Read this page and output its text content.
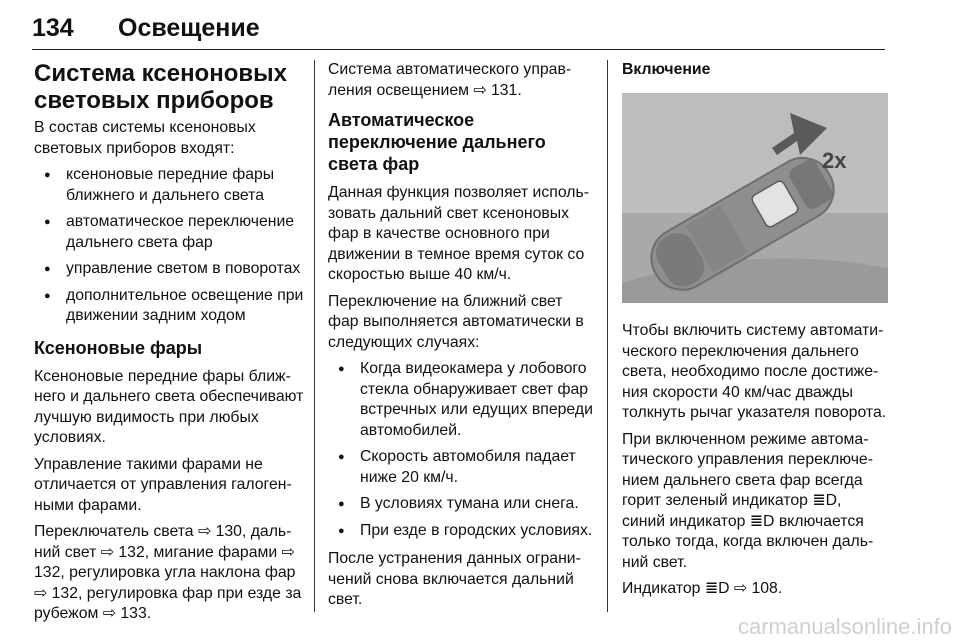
134 Освещение
Система ксеноновых световых приборов

В состав системы ксеноновых световых приборов входят:

● ксеноновые передние фары ближнего и дальнего света
● автоматическое переключение дальнего света фар
● управление светом в поворотах
● дополнительное освещение при движении задним ходом
Ксеноновые фары

Ксеноновые передние фары ближнего и дальнего света обеспечивают лучшую видимость при любых условиях.

Управление такими фарами не отличается от управления галогенными фарами.

Переключатель света ⇨ 130, дальний свет ⇨ 132, мигание фарами ⇨ 132, регулировка угла наклона фар ⇨ 132, регулировка фар при езде за рубежом ⇨ 133.

Система автоматического управления освещением ⇨ 131.

Автоматическое переключение дальнего света фар

Данная функция позволяет использовать дальний свет ксеноновых фар в качестве основного при движении в темное время суток со скоростью выше 40 км/ч.

Переключение на ближний свет фар выполняется автоматически в следующих случаях:

● Когда видеокамера у лобового стекла обнаруживает свет фар встречных или едущих впереди автомобилей.
● Скорость автомобиля падает ниже 20 км/ч.
● В условиях тумана или снега.
● При езде в городских условиях.

После устранения данных ограничений снова включается дальний свет.

Включение
2x

Чтобы включить систему автоматического переключения дальнего света, необходимо после достижения скорости 40 км/час дважды толкнуть рычаг указателя поворота.

При включенном режиме автоматического управления переключением дальнего света фар всегда горит зеленый индикатор ≣D, синий индикатор ≣D включается только тогда, когда включен дальний свет.

Индикатор ≣D ⇨ 108.

carmanualsonline.info
